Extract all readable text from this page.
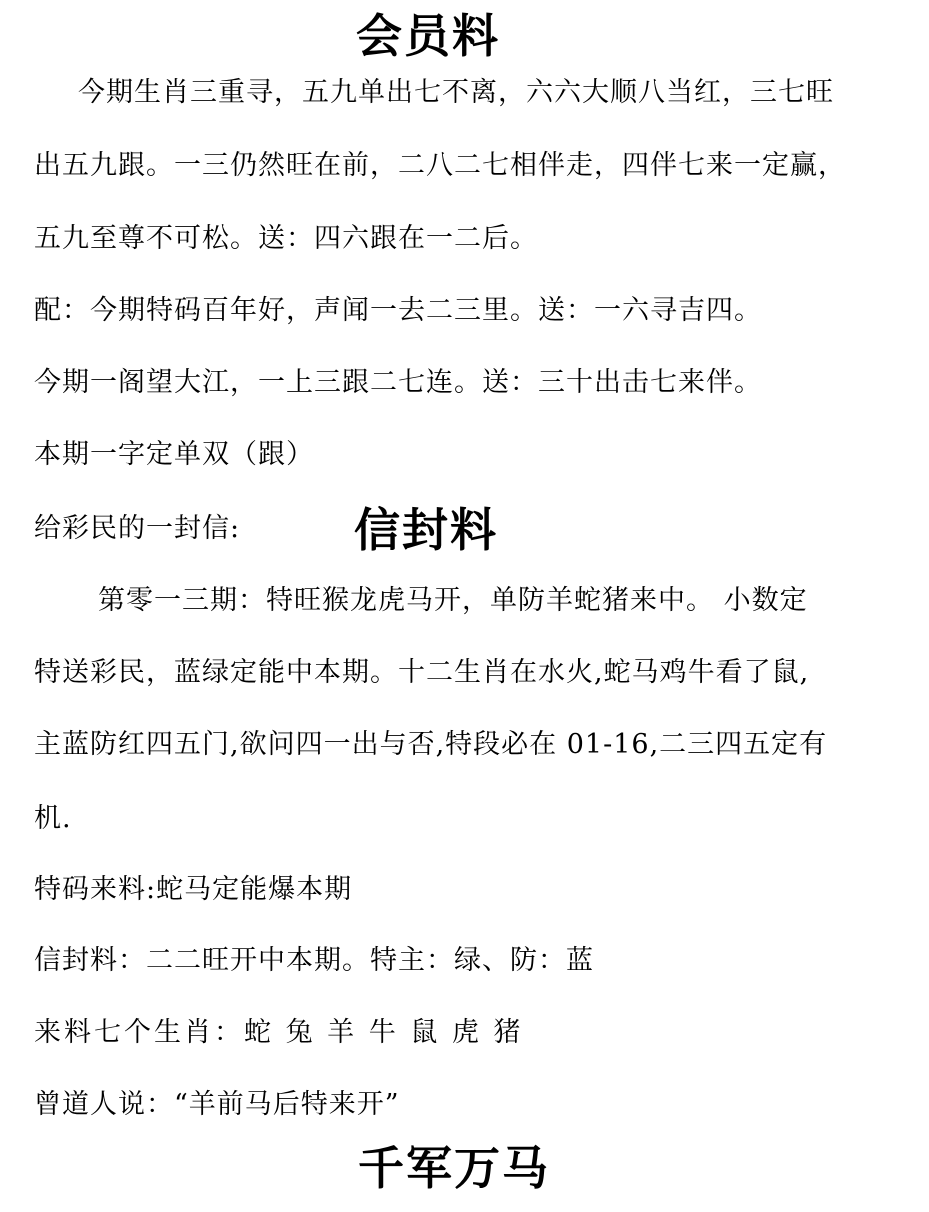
会员料
今期生肖三重寻，五九单出七不离，六六大顺八当红，三七旺
出五九跟。一三仍然旺在前，二八二七相伴走，四伴七来一定赢，
五九至尊不可松。送：四六跟在一二后。
配：今期特码百年好，声闻一去二三里。送：一六寻吉四。
今期一阁望大江，一上三跟二七连。送：三十出击七来伴。
本期一字定单双（跟）
给彩民的一封信: 信封料
第零一三期：特旺猴龙虎马开，单防羊蛇猪来中。 小数定
特送彩民，蓝绿定能中本期。十二生肖在水火,蛇马鸡牛看了鼠,
主蓝防红四五门,欲问四一出与否,特段必在 01-16,二三四五定有
机.
特码来料:蛇马定能爆本期
信封料：二二旺开中本期。特主：绿、防：蓝
来料七个生肖：蛇 兔 羊 牛 鼠 虎 猪
曾道人说：“羊前马后特来开”
千军万马
